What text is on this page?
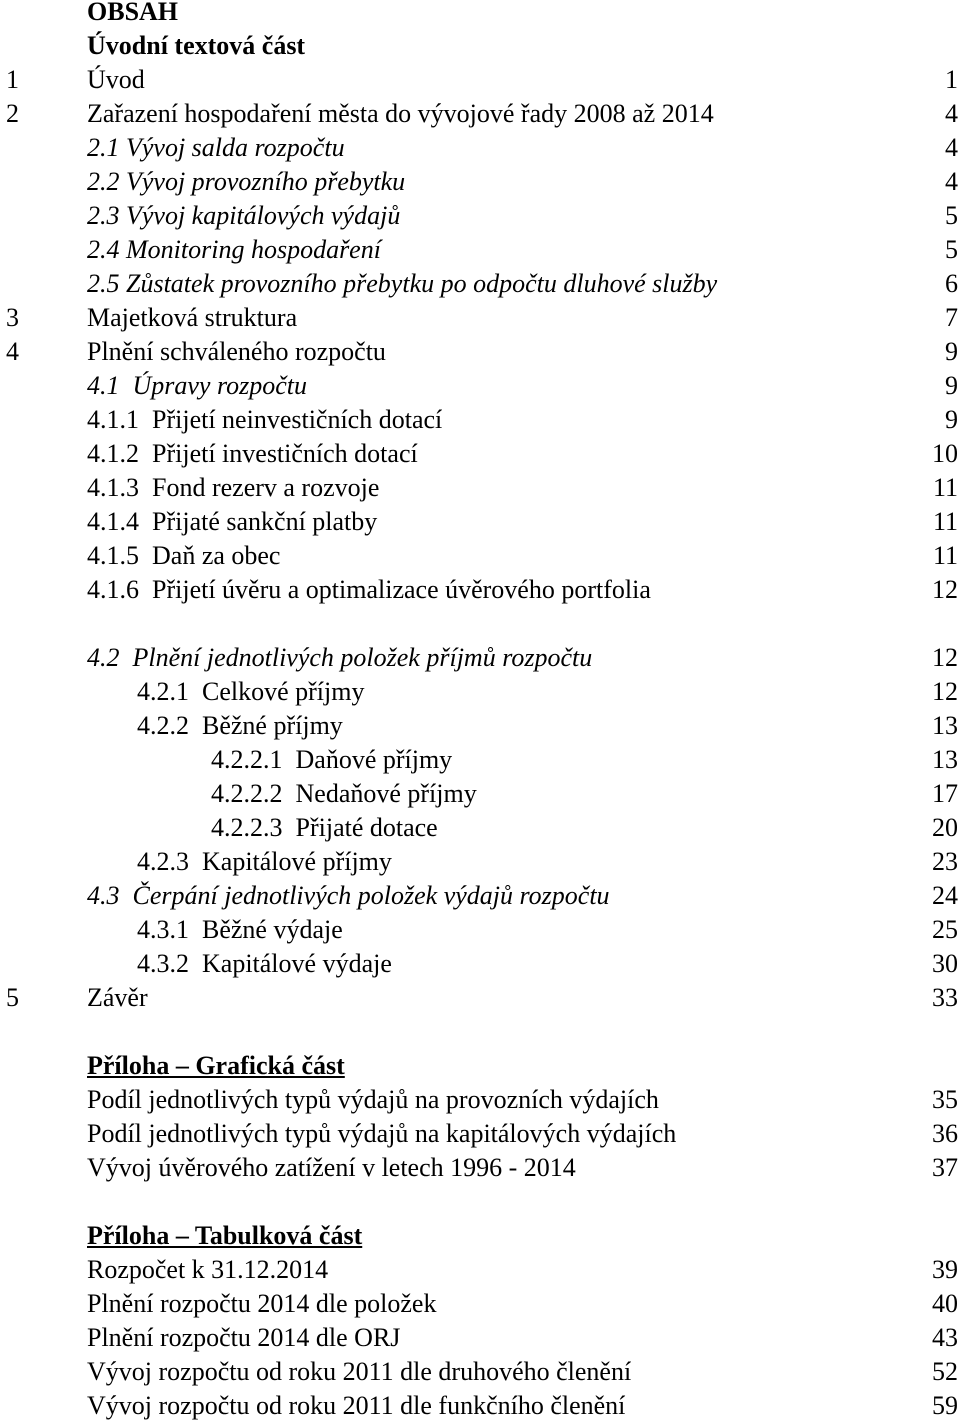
OBSAH
Úvodní textová část
1	Úvod	1
2	Zařazení hospodaření města do vývojové řady 2008 až 2014	4
2.1 Vývoj salda rozpočtu	4
2.2 Vývoj provozního přebytku	4
2.3 Vývoj kapitálových výdajů	5
2.4 Monitoring hospodaření	5
2.5 Zůstatek provozního přebytku po odpočtu dluhové služby	6
3	Majetková struktura	7
4	Plnění schváleného rozpočtu	9
4.1  Úpravy rozpočtu	9
4.1.1  Přijetí neinvestičních dotací	9
4.1.2  Přijetí investičních dotací	10
4.1.3  Fond rezerv a rozvoje	11
4.1.4  Přijaté sankční platby	11
4.1.5  Daň za obec	11
4.1.6  Přijetí úvěru a optimalizace úvěrového portfolia	12
4.2  Plnění jednotlivých položek příjmů rozpočtu	12
4.2.1  Celkové příjmy	12
4.2.2  Běžné příjmy	13
4.2.2.1  Daňové příjmy	13
4.2.2.2  Nedaňové příjmy	17
4.2.2.3  Přijaté dotace	20
4.2.3  Kapitálové příjmy	23
4.3  Čerpání jednotlivých položek výdajů rozpočtu	24
4.3.1  Běžné výdaje	25
4.3.2  Kapitálové výdaje	30
5	Závěr	33
Příloha – Grafická část
Podíl jednotlivých typů výdajů na provozních výdajích	35
Podíl jednotlivých typů výdajů na kapitálových výdajích	36
Vývoj úvěrového zatížení v letech 1996 - 2014	37
Příloha – Tabulková část
Rozpočet k 31.12.2014	39
Plnění rozpočtu 2014 dle položek	40
Plnění rozpočtu 2014 dle ORJ	43
Vývoj rozpočtu od roku 2011 dle druhového členění	52
Vývoj rozpočtu od roku 2011 dle funkčního členění	59
